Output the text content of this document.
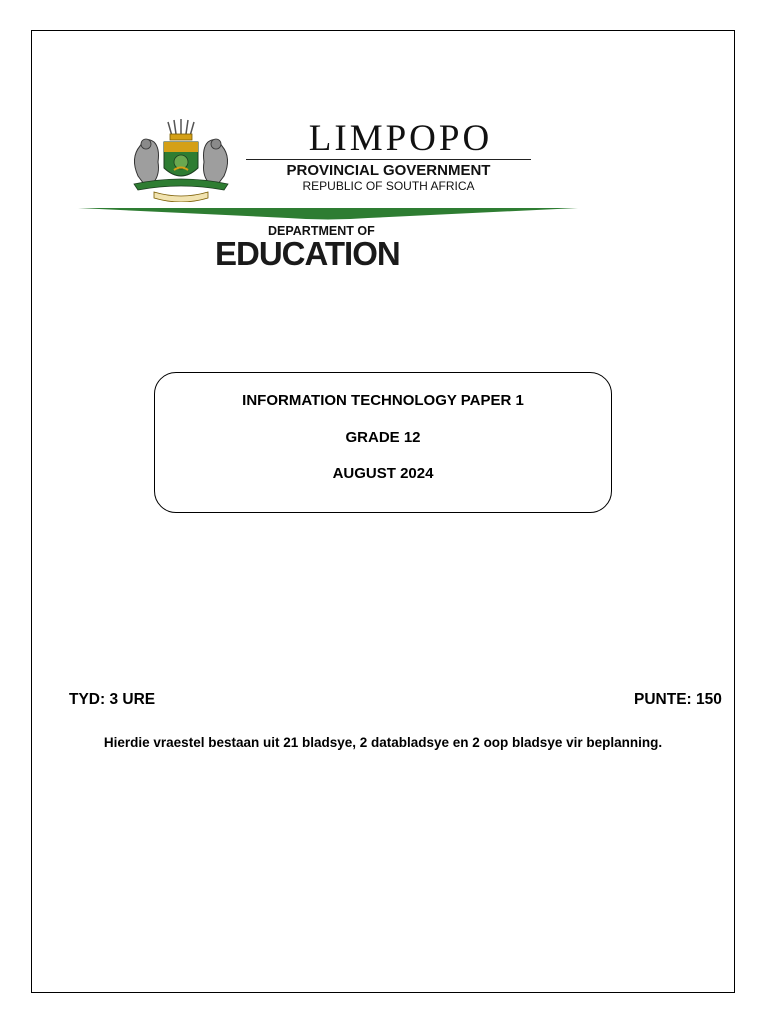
LIMPOPO
PROVINCIAL GOVERNMENT
REPUBLIC OF SOUTH AFRICA
DEPARTMENT OF
EDUCATION
INFORMATION TECHNOLOGY PAPER 1
GRADE 12
AUGUST 2024
TYD: 3 URE	PUNTE: 150
Hierdie vraestel bestaan uit 21 bladsye, 2 databladsye en 2 oop bladsye vir beplanning.
